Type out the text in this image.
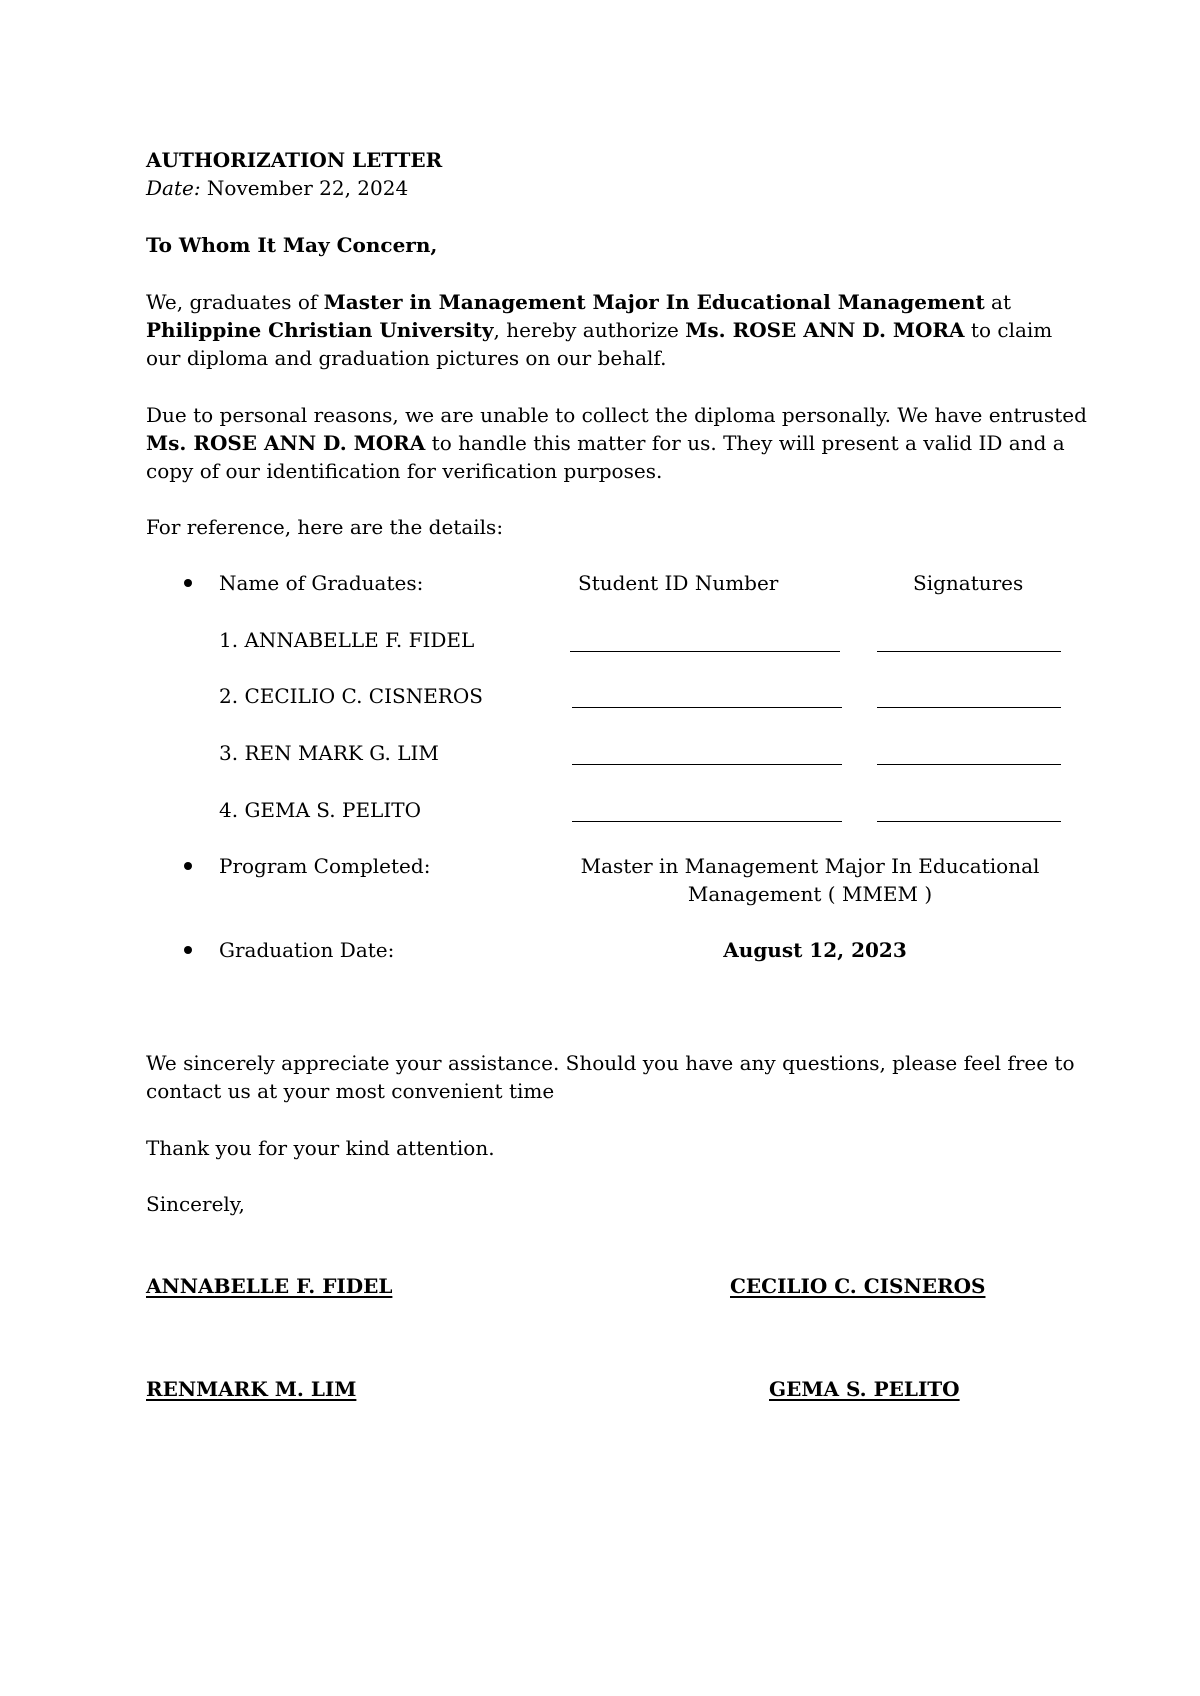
AUTHORIZATION LETTER
Date: November 22, 2024
To Whom It May Concern,
We, graduates of Master in Management Major In Educational Management at
Philippine Christian University, hereby authorize Ms. ROSE ANN D. MORA to claim
our diploma and graduation pictures on our behalf.
Due to personal reasons, we are unable to collect the diploma personally. We have entrusted
Ms. ROSE ANN D. MORA to handle this matter for us. They will present a valid ID and a
copy of our identification for verification purposes.
For reference, here are the details:
Name of Graduates:	Student ID Number	Signatures
1. ANNABELLE F. FIDEL
2. CECILIO C. CISNEROS
3. REN MARK G. LIM
4. GEMA S. PELITO
Program Completed:	Master in Management Major In Educational
Management ( MMEM )
Graduation Date:	August 12, 2023
We sincerely appreciate your assistance. Should you have any questions, please feel free to
contact us at your most convenient time
Thank you for your kind attention.
Sincerely,
ANNABELLE F. FIDEL	CECILIO C. CISNEROS
RENMARK M. LIM	GEMA S. PELITO
